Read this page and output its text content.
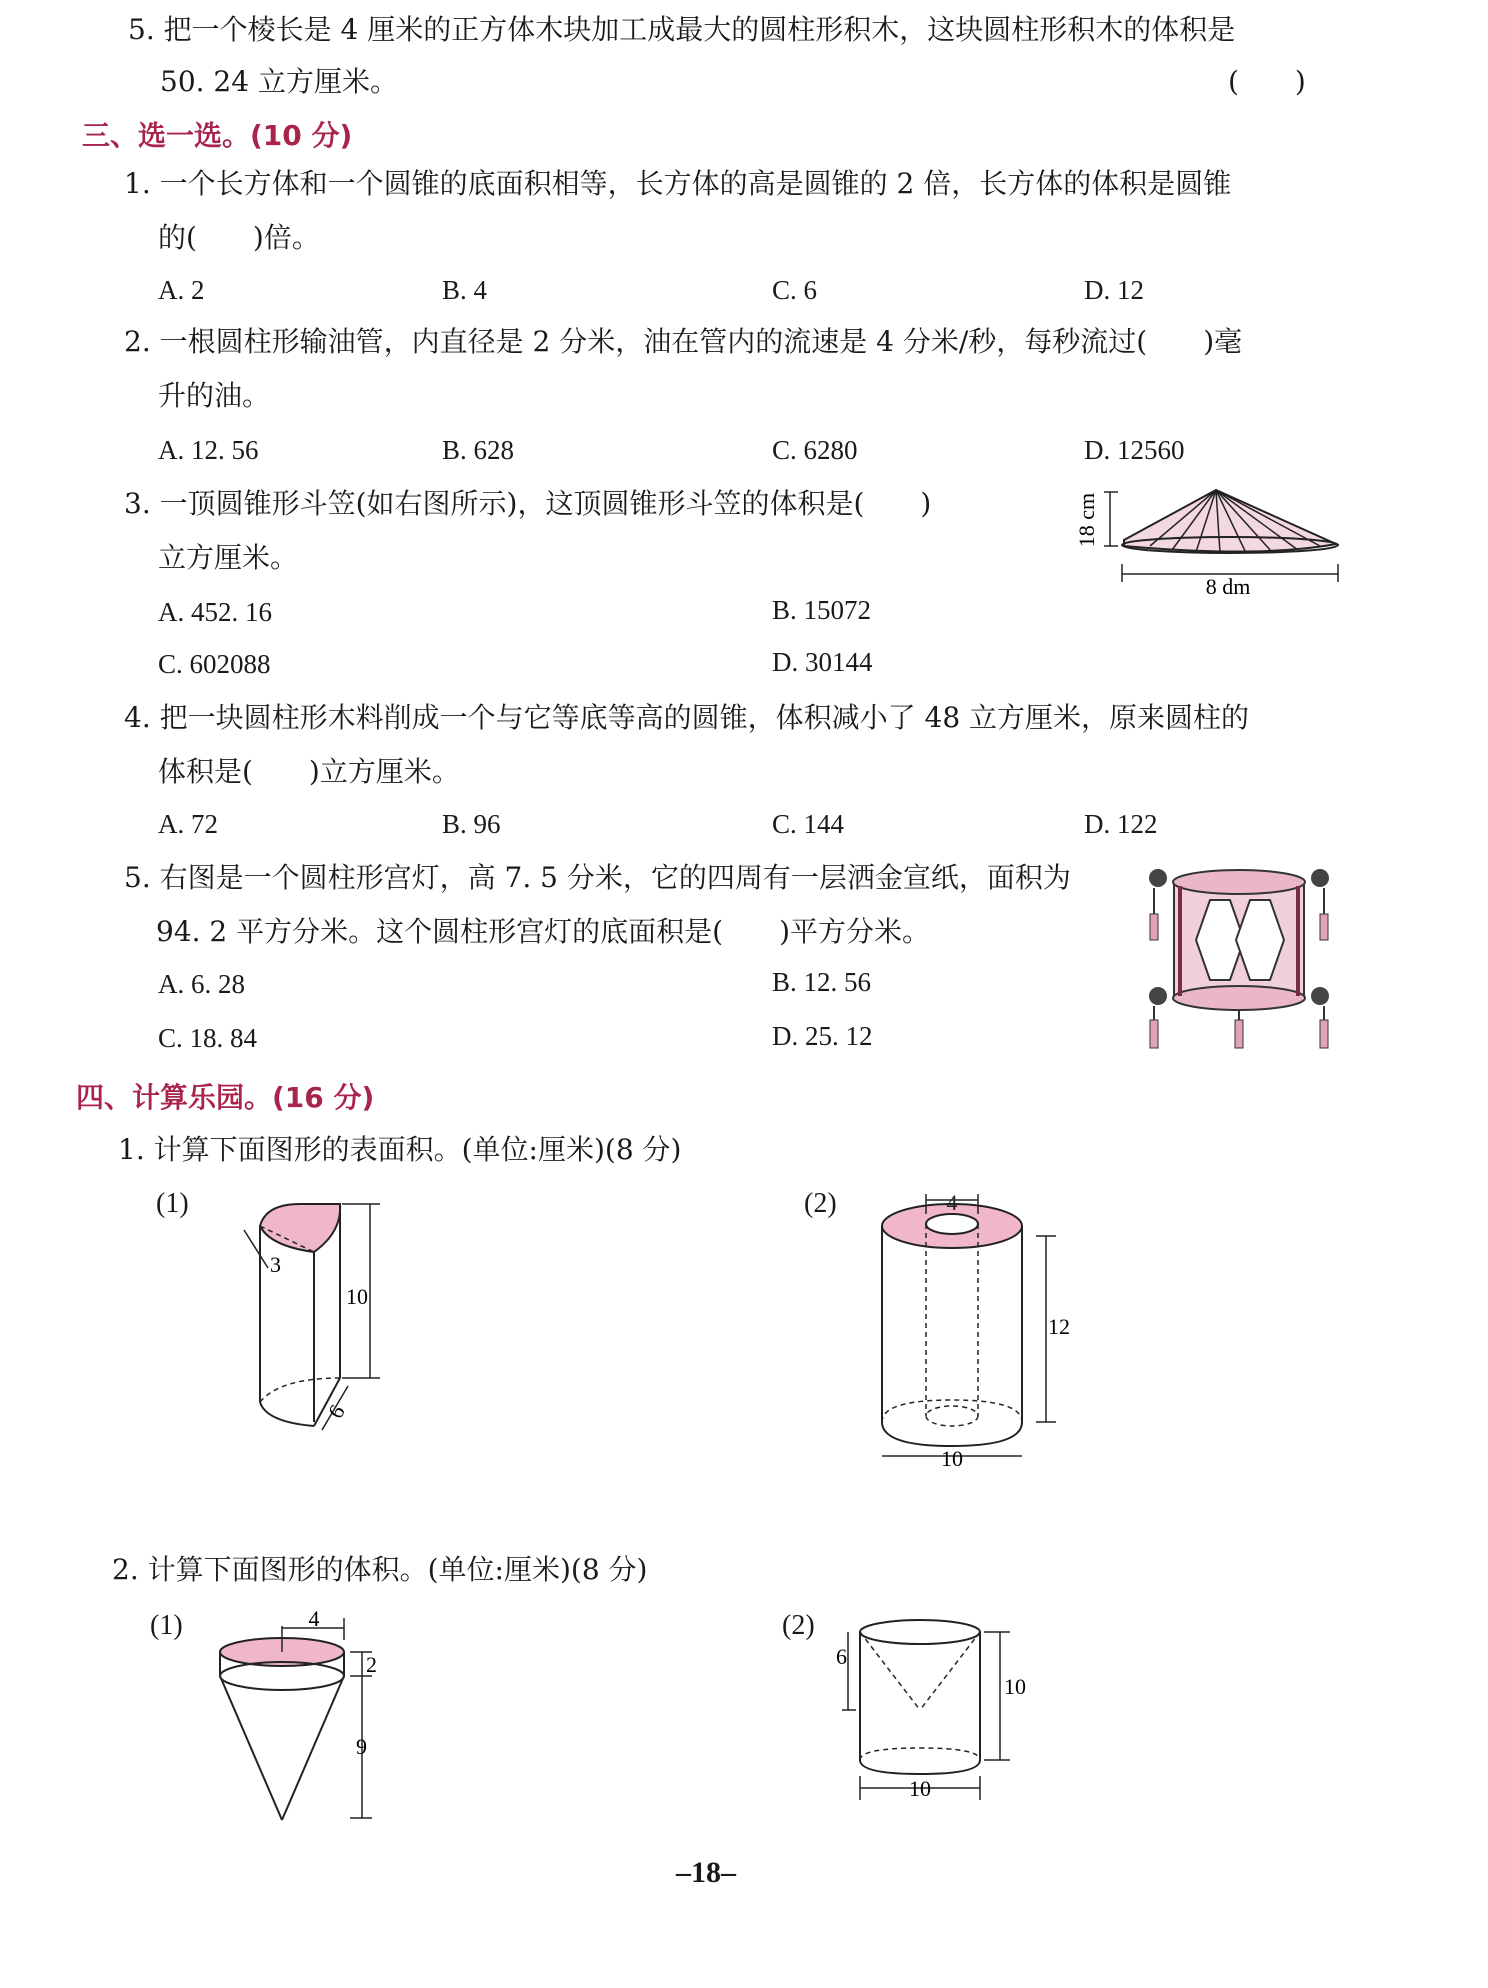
5. 把一个棱长是 4 厘米的正方体木块加工成最大的圆柱形积木，这块圆柱形积木的体积是
50. 24 立方厘米。	(　　)
三、选一选。(10 分)
1. 一个长方体和一个圆锥的底面积相等，长方体的高是圆锥的 2 倍，长方体的体积是圆锥
的(　　)倍。
A. 2	B. 4	C. 6	D. 12
2. 一根圆柱形输油管，内直径是 2 分米，油在管内的流速是 4 分米/秒，每秒流过(　　)毫
升的油。
A. 12. 56	B. 628	C. 6280	D. 12560
3. 一顶圆锥形斗笠(如右图所示)，这顶圆锥形斗笠的体积是(　　)
立方厘米。
A. 452. 16	B. 15072
C. 602088	D. 30144
18 cm
8 dm
4. 把一块圆柱形木料削成一个与它等底等高的圆锥，体积减小了 48 立方厘米，原来圆柱的
体积是(　　)立方厘米。
A. 72	B. 96	C. 144	D. 122
5. 右图是一个圆柱形宫灯，高 7. 5 分米，它的四周有一层洒金宣纸，面积为
94. 2 平方分米。这个圆柱形宫灯的底面积是(　　)平方分米。
A. 6. 28	B. 12. 56
C. 18. 84	D. 25. 12
四、计算乐园。(16 分)
1. 计算下面图形的表面积。(单位:厘米)(8 分)
(1)	(2)
10
3
6
4
12
10
2. 计算下面图形的体积。(单位:厘米)(8 分)
(1)	(2)
4
2
9
6
10
10
–18–
